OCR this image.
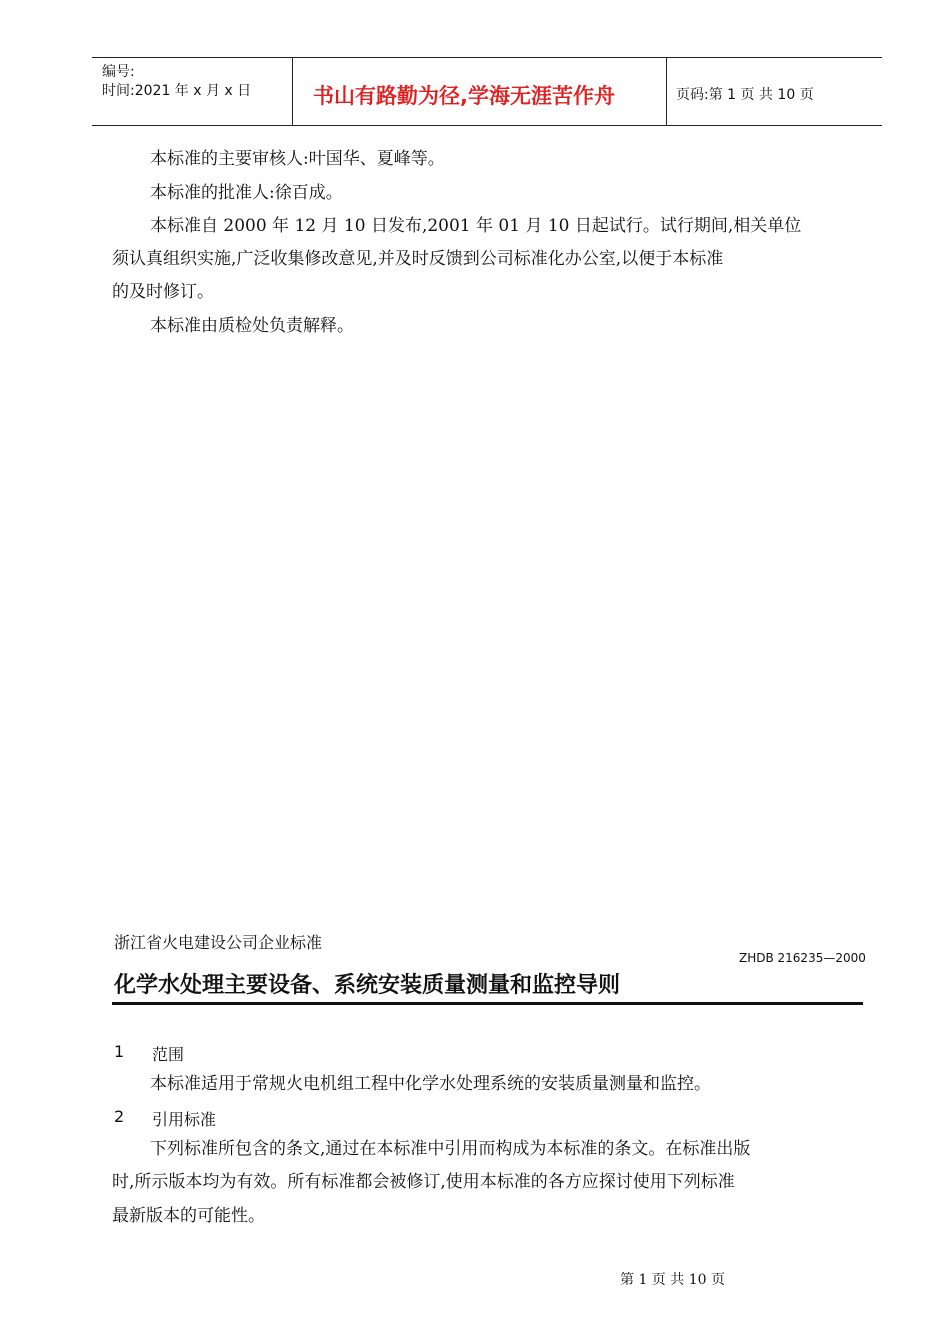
编号:
时间:2021 年 x 月 x 日	书山有路勤为径,学海无涯苦作舟	页码:第 1 页 共 10 页
本标准的主要审核人:叶国华、夏峰等。
本标准的批准人:徐百成。
本标准自 2000 年 12 月 10 日发布,2001 年 01 月 10 日起试行。试行期间,相关单位
须认真组织实施,广泛收集修改意见,并及时反馈到公司标准化办公室,以便于本标准
的及时修订。
本标准由质检处负责解释。
浙江省火电建设公司企业标准
ZHDB 216235—2000
化学水处理主要设备、系统安装质量测量和监控导则
1 范围
本标准适用于常规火电机组工程中化学水处理系统的安装质量测量和监控。
2 引用标准
下列标准所包含的条文,通过在本标准中引用而构成为本标准的条文。在标准出版
时,所示版本均为有效。所有标准都会被修订,使用本标准的各方应探讨使用下列标准
最新版本的可能性。
第 1 页 共 10 页
